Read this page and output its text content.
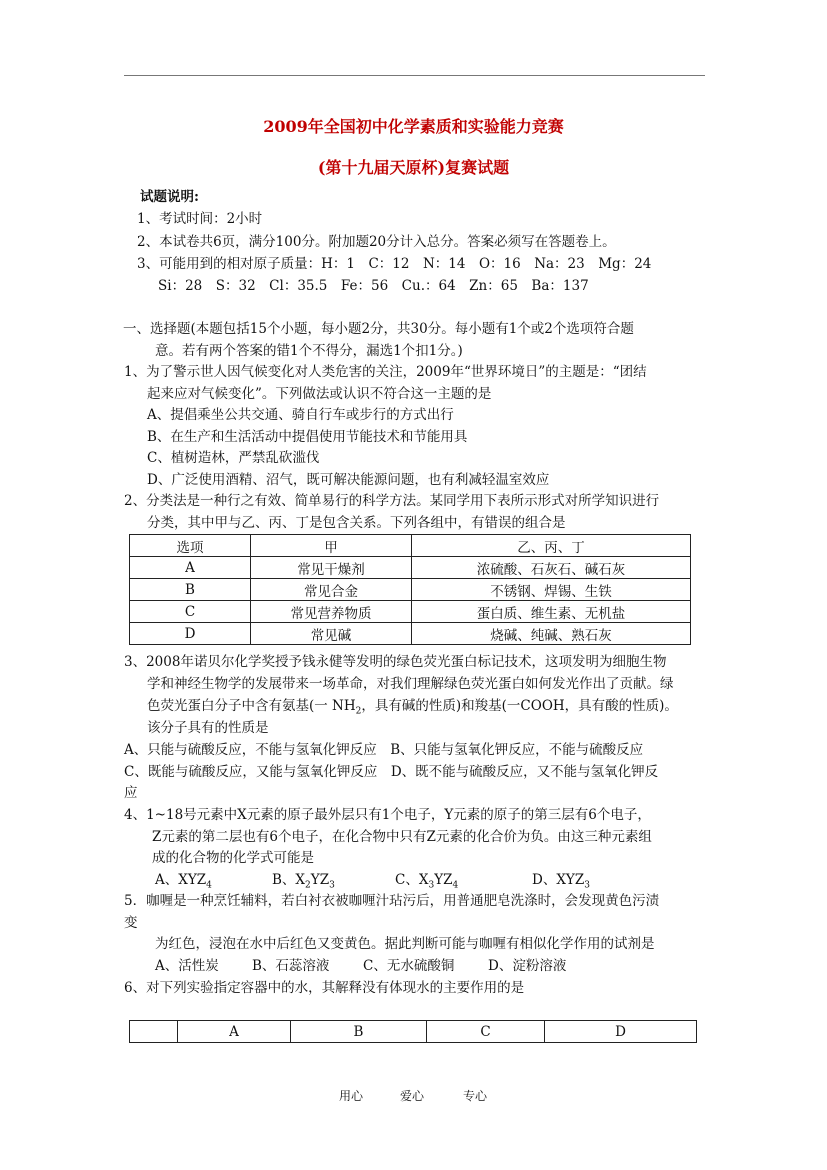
2009年全国初中化学素质和实验能力竞赛
(第十九届天原杯)复赛试题
试题说明:
1、考试时间：2小时
2、本试卷共6页，满分100分。附加题20分计入总分。答案必须写在答题卷上。
3、可能用到的相对原子质量：H：1　C：12　N：14　O：16　Na：23　Mg：24
Si：28　S：32　Cl：35.5　Fe：56　Cu.：64　Zn：65　Ba：137
一、选择题(本题包括15个小题，每小题2分，共30分。每小题有1个或2个选项符合题
意。若有两个答案的错1个不得分，漏选1个扣1分。)
1、为了警示世人因气候变化对人类危害的关注，2009年“世界环境日”的主题是：“团结
起来应对气候变化”。下列做法或认识不符合这一主题的是
A、提倡乘坐公共交通、骑自行车或步行的方式出行
B、在生产和生活活动中提倡使用节能技术和节能用具
C、植树造林，严禁乱砍滥伐
D、广泛使用酒精、沼气，既可解决能源问题，也有利减轻温室效应
2、分类法是一种行之有效、简单易行的科学方法。某同学用下表所示形式对所学知识进行
分类，其中甲与乙、丙、丁是包含关系。下列各组中，有错误的组合是
选项	甲	乙、丙、丁
A	常见干燥剂	浓硫酸、石灰石、碱石灰
B	常见合金	不锈钢、焊锡、生铁
C	常见营养物质	蛋白质、维生素、无机盐
D	常见碱	烧碱、纯碱、熟石灰
3、2008年诺贝尔化学奖授予钱永健等发明的绿色荧光蛋白标记技术，这项发明为细胞生物
学和神经生物学的发展带来一场革命，对我们理解绿色荧光蛋白如何发光作出了贡献。绿
色荧光蛋白分子中含有氨基(一 $NH_2$，具有碱的性质)和羧基(一COOH，具有酸的性质)。
该分子具有的性质是
A、只能与硫酸反应，不能与氢氧化钾反应　B、只能与氢氧化钾反应，不能与硫酸反应
C、既能与硫酸反应，又能与氢氧化钾反应　D、既不能与硫酸反应，又不能与氢氧化钾反
应
4、1~18号元素中X元素的原子最外层只有1个电子，Y元素的原子的第三层有6个电子，
Z元素的第二层也有6个电子，在化合物中只有Z元素的化合价为负。由这三种元素组
成的化合物的化学式可能是
A、$XYZ_4$	B、$X_2YZ_3$	C、$X_3YZ_4$	D、$XYZ_3$
5．咖喱是一种烹饪辅料，若白衬衣被咖喱汁玷污后，用普通肥皂洗涤时，会发现黄色污渍
变
为红色，浸泡在水中后红色又变黄色。据此判断可能与咖喱有相似化学作用的试剂是
A、活性炭 B、石蕊溶液 C、无水硫酸铜 D、淀粉溶液
6、对下列实验指定容器中的水，其解释没有体现水的主要作用的是
	A	B	C	D
用心	爱心	专心
